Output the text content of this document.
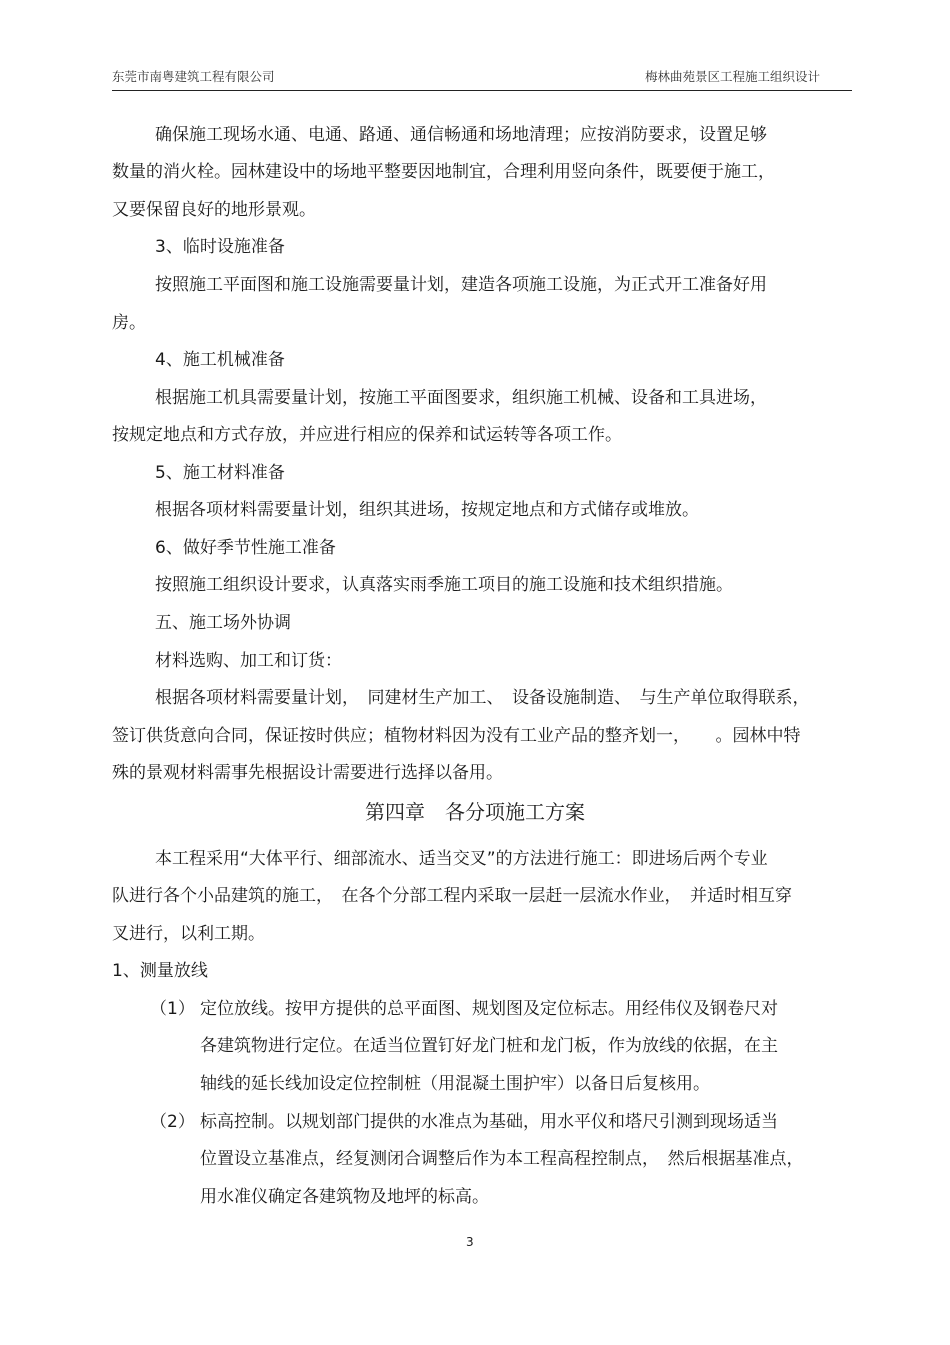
东莞市南粤建筑工程有限公司	梅林曲苑景区工程施工组织设计
确保施工现场水通、电通、路通、通信畅通和场地清理；应按消防要求，设置足够
数量的消火栓。园林建设中的场地平整要因地制宜，合理利用竖向条件，既要便于施工，
又要保留良好的地形景观。
3、临时设施准备
按照施工平面图和施工设施需要量计划，建造各项施工设施，为正式开工准备好用
房。
4、施工机械准备
根据施工机具需要量计划，按施工平面图要求，组织施工机械、设备和工具进场，
按规定地点和方式存放，并应进行相应的保养和试运转等各项工作。
5、施工材料准备
根据各项材料需要量计划，组织其进场，按规定地点和方式储存或堆放。
6、做好季节性施工准备
按照施工组织设计要求，认真落实雨季施工项目的施工设施和技术组织措施。
五、施工场外协调
材料选购、加工和订货：
根据各项材料需要量计划，　同建材生产加工、　设备设施制造、　与生产单位取得联系，
签订供货意向合同，保证按时供应；植物材料因为没有工业产品的整齐划一，　　。园林中特
殊的景观材料需事先根据设计需要进行选择以备用。
第四章　各分项施工方案
本工程采用“大体平行、细部流水、适当交叉”的方法进行施工：即进场后两个专业
队进行各个小品建筑的施工，　在各个分部工程内采取一层赶一层流水作业，　并适时相互穿
叉进行，以利工期。
1、测量放线
（1） 定位放线。按甲方提供的总平面图、规划图及定位标志。用经伟仪及钢卷尺对
各建筑物进行定位。在适当位置钉好龙门桩和龙门板，作为放线的依据，在主
轴线的延长线加设定位控制桩（用混凝土围护牢）以备日后复核用。
（2） 标高控制。以规划部门提供的水准点为基础，用水平仪和塔尺引测到现场适当
位置设立基准点，经复测闭合调整后作为本工程高程控制点，　然后根据基准点，
用水准仪确定各建筑物及地坪的标高。
3
